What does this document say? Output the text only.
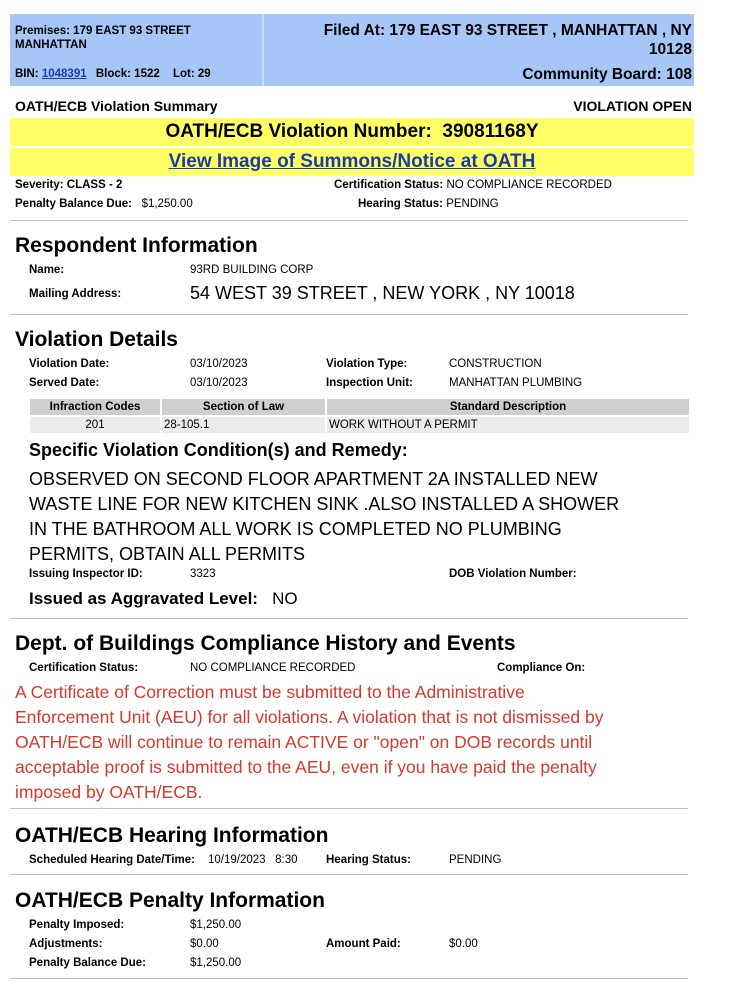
Premises: 179 EAST 93 STREET
MANHATTAN
Filed At: 179 EAST 93 STREET , MANHATTAN , NY
10128
BIN: 1048391 Block: 1522 Lot: 29	Community Board: 108
OATH/ECB Violation Summary	VIOLATION OPEN
OATH/ECB Violation Number: 39081168Y
View Image of Summons/Notice at OATH
Severity: CLASS - 2
Penalty Balance Due: $1,250.00
Certification Status: NO COMPLIANCE RECORDED
Hearing Status: PENDING
Respondent Information
Name:	93RD BUILDING CORP
Mailing Address:	54 WEST 39 STREET , NEW YORK , NY 10018
Violation Details
Violation Date:	03/10/2023	Violation Type:	CONSTRUCTION
Served Date:	03/10/2023	Inspection Unit:	MANHATTAN PLUMBING
Infraction Codes	Section of Law	Standard Description
201	28-105.1	WORK WITHOUT A PERMIT
Specific Violation Condition(s) and Remedy:
OBSERVED ON SECOND FLOOR APARTMENT 2A INSTALLED NEW
WASTE LINE FOR NEW KITCHEN SINK .ALSO INSTALLED A SHOWER
IN THE BATHROOM ALL WORK IS COMPLETED NO PLUMBING
PERMITS, OBTAIN ALL PERMITS
Issuing Inspector ID:	3323	DOB Violation Number:
Issued as Aggravated Level: NO
Dept. of Buildings Compliance History and Events
Certification Status:	NO COMPLIANCE RECORDED	Compliance On:
A Certificate of Correction must be submitted to the Administrative
Enforcement Unit (AEU) for all violations. A violation that is not dismissed by
OATH/ECB will continue to remain ACTIVE or "open" on DOB records until
acceptable proof is submitted to the AEU, even if you have paid the penalty
imposed by OATH/ECB.
OATH/ECB Hearing Information
Scheduled Hearing Date/Time: 10/19/2023 8:30 Hearing Status:	PENDING
OATH/ECB Penalty Information
Penalty Imposed:	$1,250.00
Adjustments:	$0.00	Amount Paid:	$0.00
Penalty Balance Due:	$1,250.00
